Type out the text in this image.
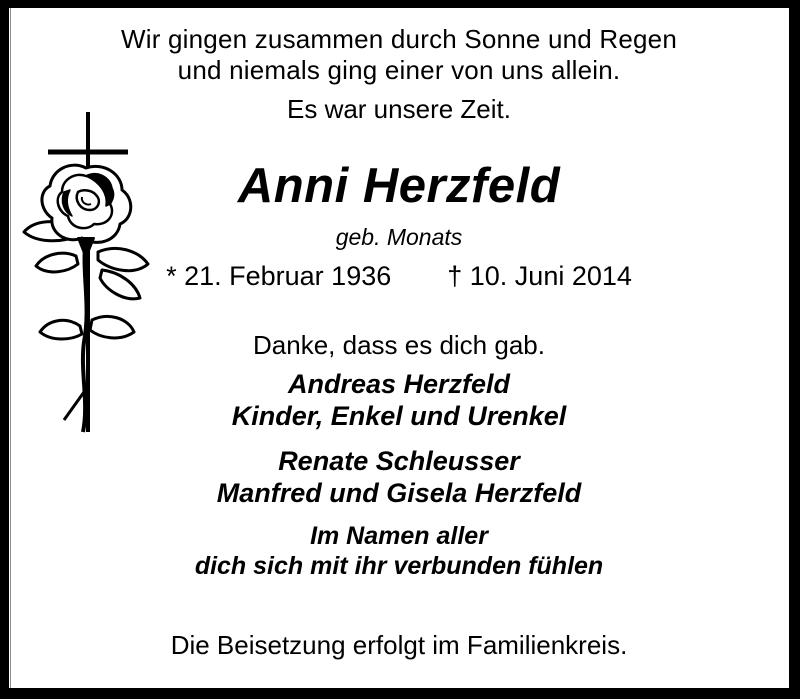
Wir gingen zusammen durch Sonne und Regen
und niemals ging einer von uns allein.
Es war unsere Zeit.
Anni Herzfeld
geb. Monats
* 21. Februar 1936 † 10. Juni 2014
Danke, dass es dich gab.
Andreas Herzfeld
Kinder, Enkel und Urenkel
Renate Schleusser
Manfred und Gisela Herzfeld
Im Namen aller
dich sich mit ihr verbunden fühlen
Die Beisetzung erfolgt im Familienkreis.
